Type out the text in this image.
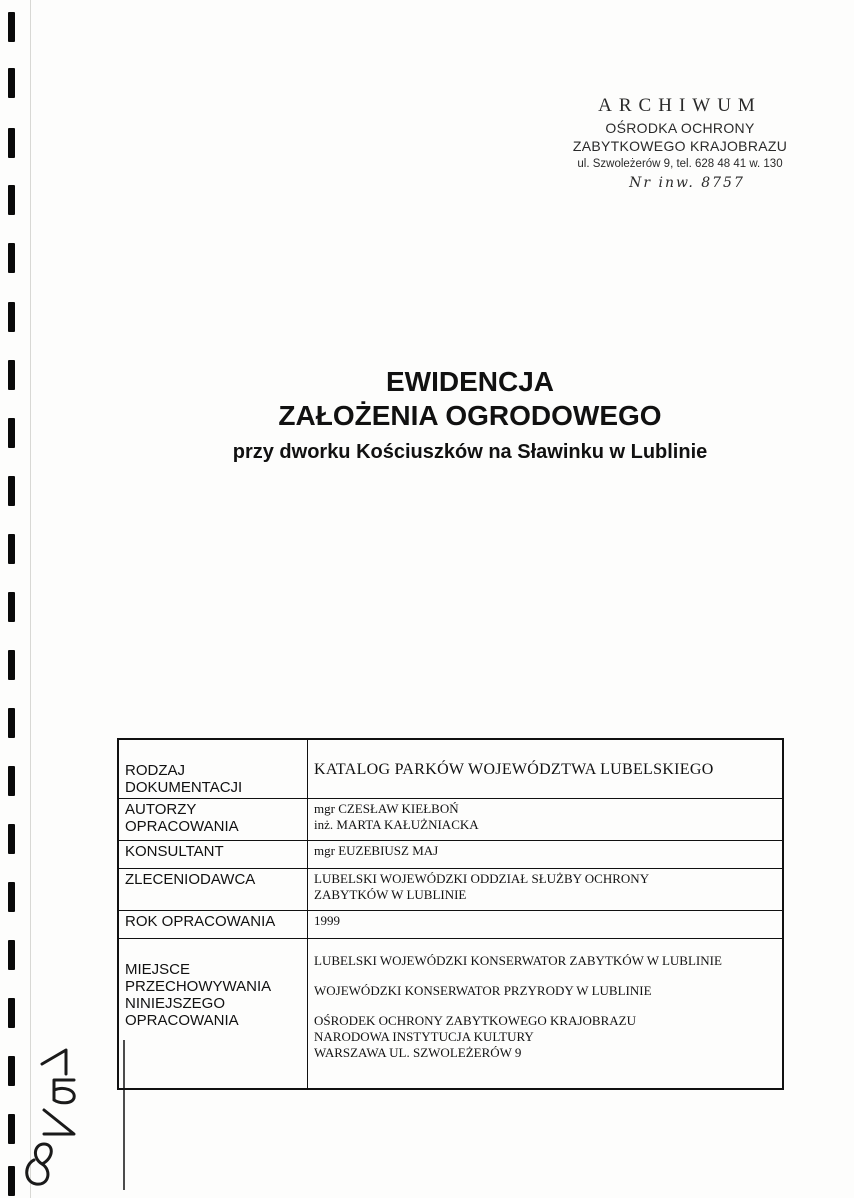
ARCHIWUM
OŚRODKA OCHRONY
ZABYTKOWEGO KRAJOBRAZU
ul. Szwoleżerów 9, tel. 628 48 41 w. 130
Nr inw. 8757
EWIDENCJA
ZAŁOŻENIA OGRODOWEGO
przy dworku Kościuszków na Sławinku w Lublinie
RODZAJ
DOKUMENTACJI	KATALOG PARKÓW WOJEWÓDZTWA LUBELSKIEGO

AUTORZY
OPRACOWANIA	mgr CZESŁAW KIEŁBOŃ
inż. MARTA KAŁUŻNIACKA

KONSULTANT	mgr EUZEBIUSZ MAJ
ZLECENIODAWCA	LUBELSKI WOJEWÓDZKI ODDZIAŁ SŁUŻBY OCHRONY
ZABYTKÓW W LUBLINIE

ROK OPRACOWANIA	1999

MIEJSCE
PRZECHOWYWANIA
NINIEJSZEGO
OPRACOWANIA	LUBELSKI WOJEWÓDZKI KONSERWATOR ZABYTKÓW W LUBLINIE
WOJEWÓDZKI KONSERWATOR PRZYRODY W LUBLINIE
OŚRODEK OCHRONY ZABYTKOWEGO KRAJOBRAZU
NARODOWA INSTYTUCJA KULTURY
WARSZAWA UL. SZWOLEŻERÓW 9
